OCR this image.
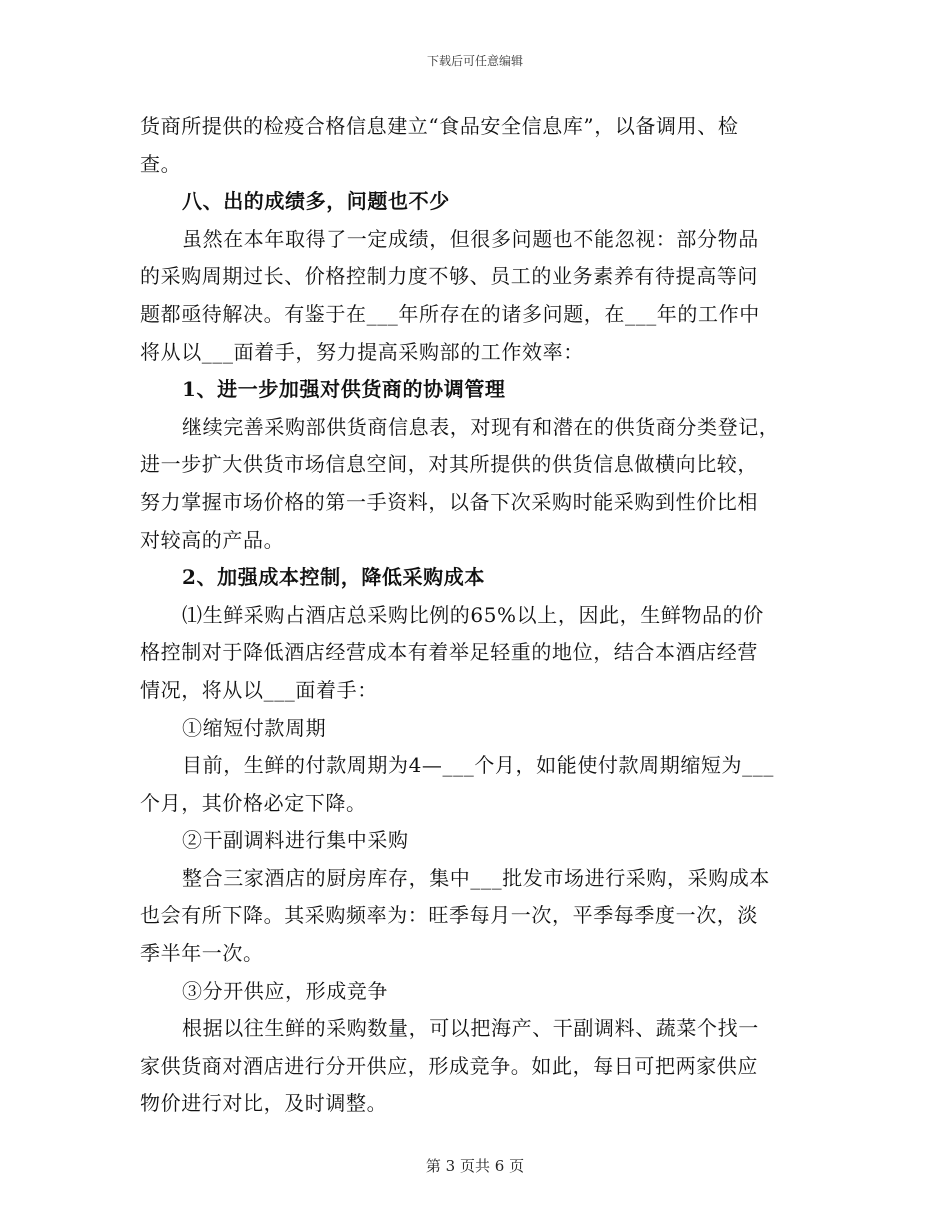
下载后可任意编辑
货商所提供的检疫合格信息建立“食品安全信息库”，以备调用、检
查。
八、出的成绩多，问题也不少
虽然在本年取得了一定成绩，但很多问题也不能忽视：部分物品
的采购周期过长、价格控制力度不够、员工的业务素养有待提高等问
题都亟待解决。有鉴于在___年所存在的诸多问题，在___年的工作中
将从以___面着手，努力提高采购部的工作效率：
1、进一步加强对供货商的协调管理
继续完善采购部供货商信息表，对现有和潜在的供货商分类登记，
进一步扩大供货市场信息空间，对其所提供的供货信息做横向比较，
努力掌握市场价格的第一手资料，以备下次采购时能采购到性价比相
对较高的产品。
2、加强成本控制，降低采购成本
⑴生鲜采购占酒店总采购比例的65%以上，因此，生鲜物品的价
格控制对于降低酒店经营成本有着举足轻重的地位，结合本酒店经营
情况，将从以___面着手：
①缩短付款周期
目前，生鲜的付款周期为4—___个月，如能使付款周期缩短为___
个月，其价格必定下降。
②干副调料进行集中采购
整合三家酒店的厨房库存，集中___批发市场进行采购，采购成本
也会有所下降。其采购频率为：旺季每月一次，平季每季度一次，淡
季半年一次。
③分开供应，形成竞争
根据以往生鲜的采购数量，可以把海产、干副调料、蔬菜个找一
家供货商对酒店进行分开供应，形成竞争。如此，每日可把两家供应
物价进行对比，及时调整。
第 3 页共 6 页
